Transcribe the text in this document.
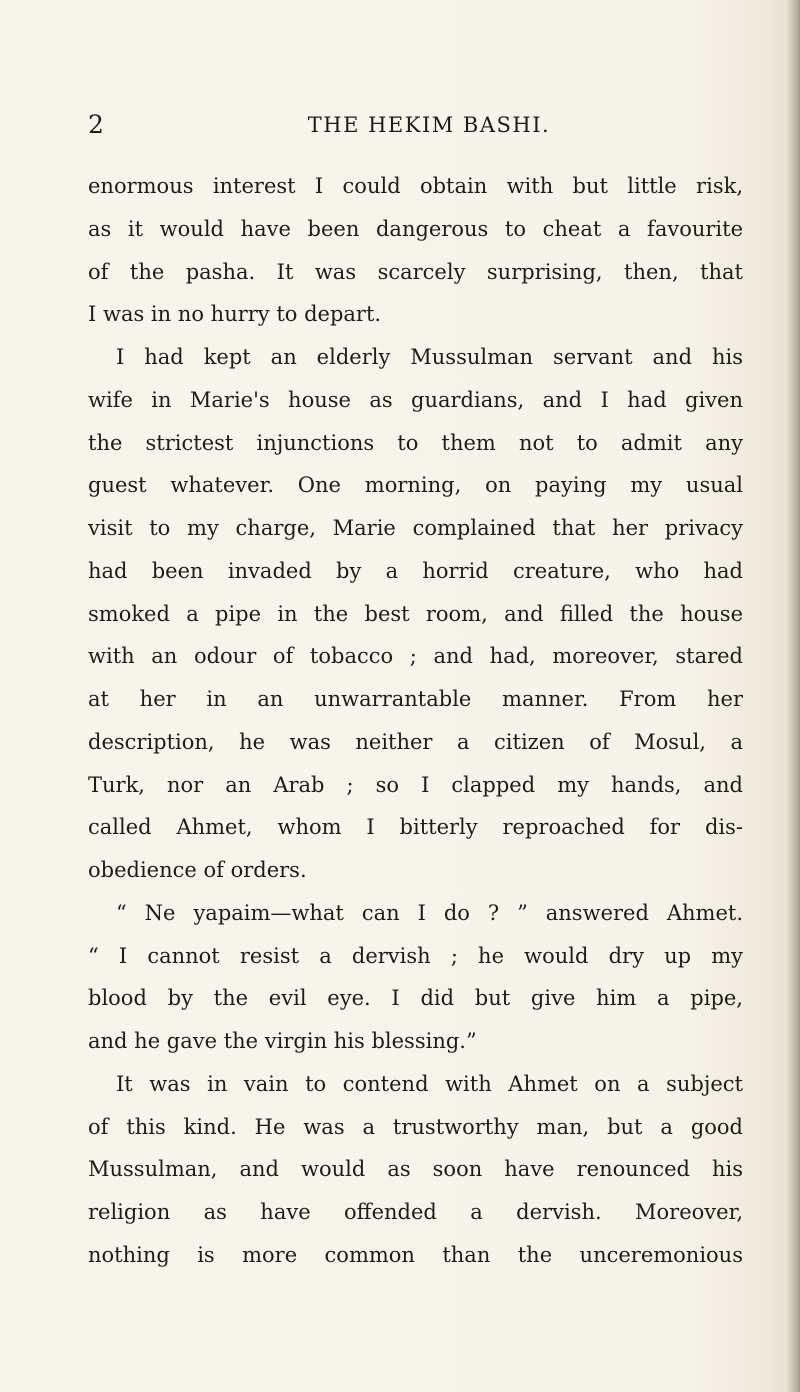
2	THE HEKIM BASHI.
enormous interest I could obtain with but little risk,
as it would have been dangerous to cheat a favourite
of the pasha. It was scarcely surprising, then, that
I was in no hurry to depart.
I had kept an elderly Mussulman servant and his
wife in Marie's house as guardians, and I had given
the strictest injunctions to them not to admit any
guest whatever. One morning, on paying my usual
visit to my charge, Marie complained that her privacy
had been invaded by a horrid creature, who had
smoked a pipe in the best room, and filled the house
with an odour of tobacco ; and had, moreover, stared
at her in an unwarrantable manner. From her
description, he was neither a citizen of Mosul, a
Turk, nor an Arab ; so I clapped my hands, and
called Ahmet, whom I bitterly reproached for dis-
obedience of orders.
“ Ne yapaim—what can I do ? ” answered Ahmet.
“ I cannot resist a dervish ; he would dry up my
blood by the evil eye. I did but give him a pipe,
and he gave the virgin his blessing.”
It was in vain to contend with Ahmet on a subject
of this kind. He was a trustworthy man, but a good
Mussulman, and would as soon have renounced his
religion as have offended a dervish. Moreover,
nothing is more common than the unceremonious
